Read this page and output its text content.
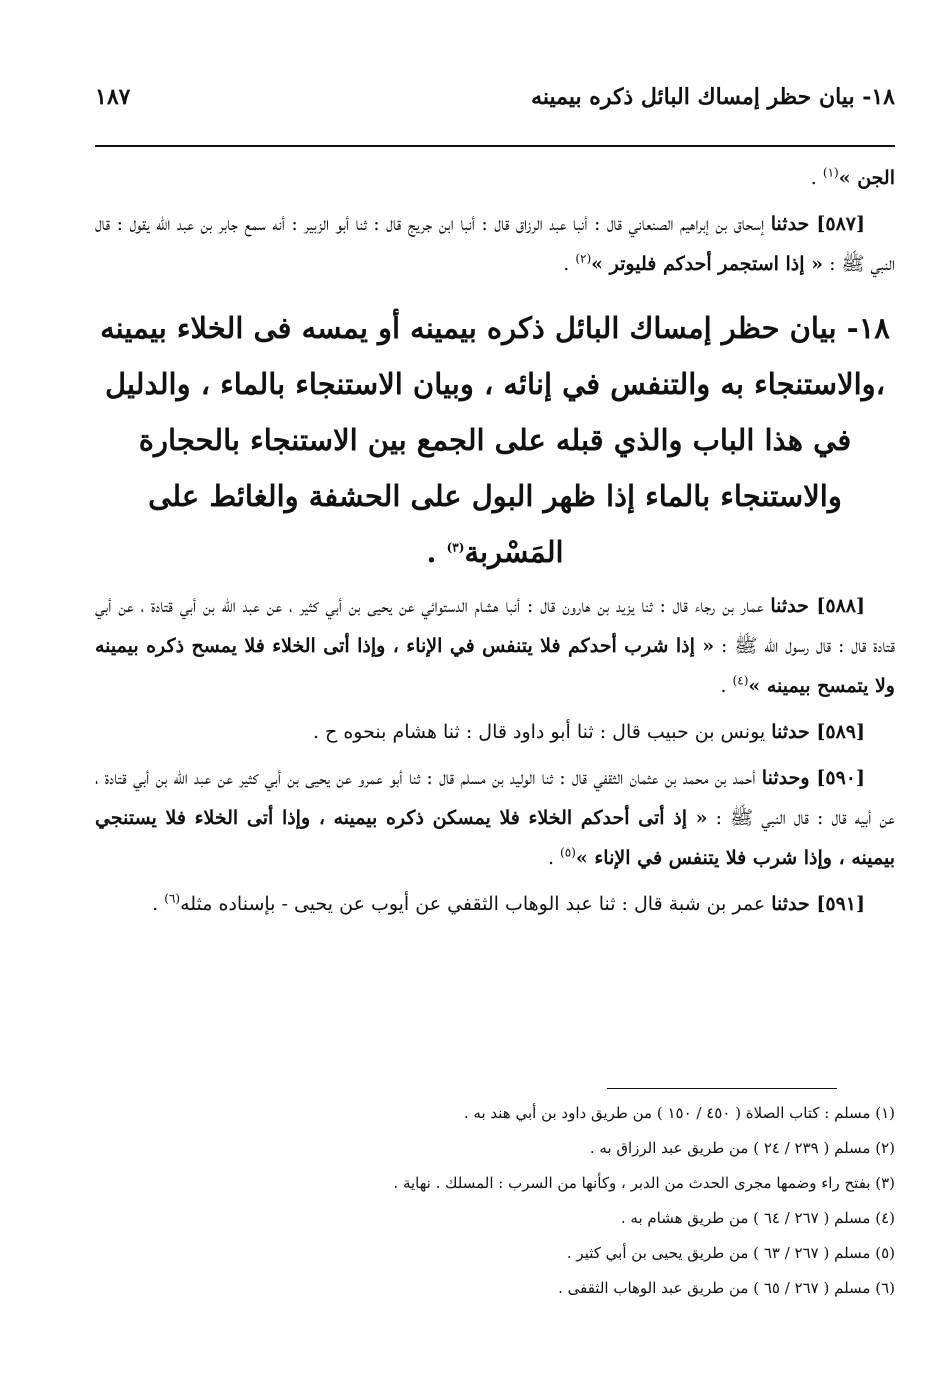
١٨- بيان حظر إمساك البائل ذكره بيمينه
١٨٧

الجن »$^{(١)}$ .

[٥٨٧] حدثنا إسحاق بن إبراهيم الصنعاني قال : أنبا عبد الرزاق قال : أنبا ابن جريج قال : ثنا أبو الزبير : أنه سمع جابر بن عبد الله يقول : قال النبي ﷺ : « إذا استجمر أحدكم فليوتر »$^{(٢)}$ .

١٨- بيان حظر إمساك البائل ذكره بيمينه أو يمسه فى الخلاء بيمينه ،والاستنجاء به والتنفس في إنائه ، وبيان الاستنجاء بالماء ، والدليل في هذا الباب والذي قبله على الجمع بين الاستنجاء بالحجارة والاستنجاء بالماء إذا ظهر البول على الحشفة والغائط على المَسْربة$^{(٣)}$ .

[٥٨٨] حدثنا عمار بن رجاء قال : ثنا يزيد بن هارون قال : أنبا هشام الدستوائي عن يحيى بن أبي كثير ، عن عبد الله بن أبي قتادة ، عن أبي قتادة قال : قال رسول الله ﷺ : « إذا شرب أحدكم فلا يتنفس في الإناء ، وإذا أتى الخلاء فلا يمسح ذكره بيمينه ولا يتمسح بيمينه »$^{(٤)}$ .

[٥٨٩] حدثنا يونس بن حبيب قال : ثنا أبو داود قال : ثنا هشام بنحوه ح .

[٥٩٠] وحدثنا أحمد بن محمد بن عثمان الثقفي قال : ثنا الوليد بن مسلم قال : ثنا أبو عمرو عن يحيى بن أبي كثير عن عبد الله بن أبي قتادة ، عن أبيه قال : قال النبي ﷺ : « إذ أتى أحدكم الخلاء فلا يمسكن ذكره بيمينه ، وإذا أتى الخلاء فلا يستنجي بيمينه ، وإذا شرب فلا يتنفس في الإناء »$^{(٥)}$ .

[٥٩١] حدثنا عمر بن شبة قال : ثنا عبد الوهاب الثقفي عن أيوب عن يحيى - بإسناده مثله$^{(٦)}$ .

(١) مسلم : كتاب الصلاة ( ٤٥٠ / ١٥٠ ) من طريق داود بن أبي هند به .
(٢) مسلم ( ٢٣٩ / ٢٤ ) من طريق عبد الرزاق به .
(٣) بفتح راء وضمها مجرى الحدث من الدبر ، وكأنها من السرب : المسلك . نهاية .
(٤) مسلم ( ٢٦٧ / ٦٤ ) من طريق هشام به .
(٥) مسلم ( ٢٦٧ / ٦٣ ) من طريق يحيى بن أبي كثير .
(٦) مسلم ( ٢٦٧ / ٦٥ ) من طريق عبد الوهاب الثقفى .
